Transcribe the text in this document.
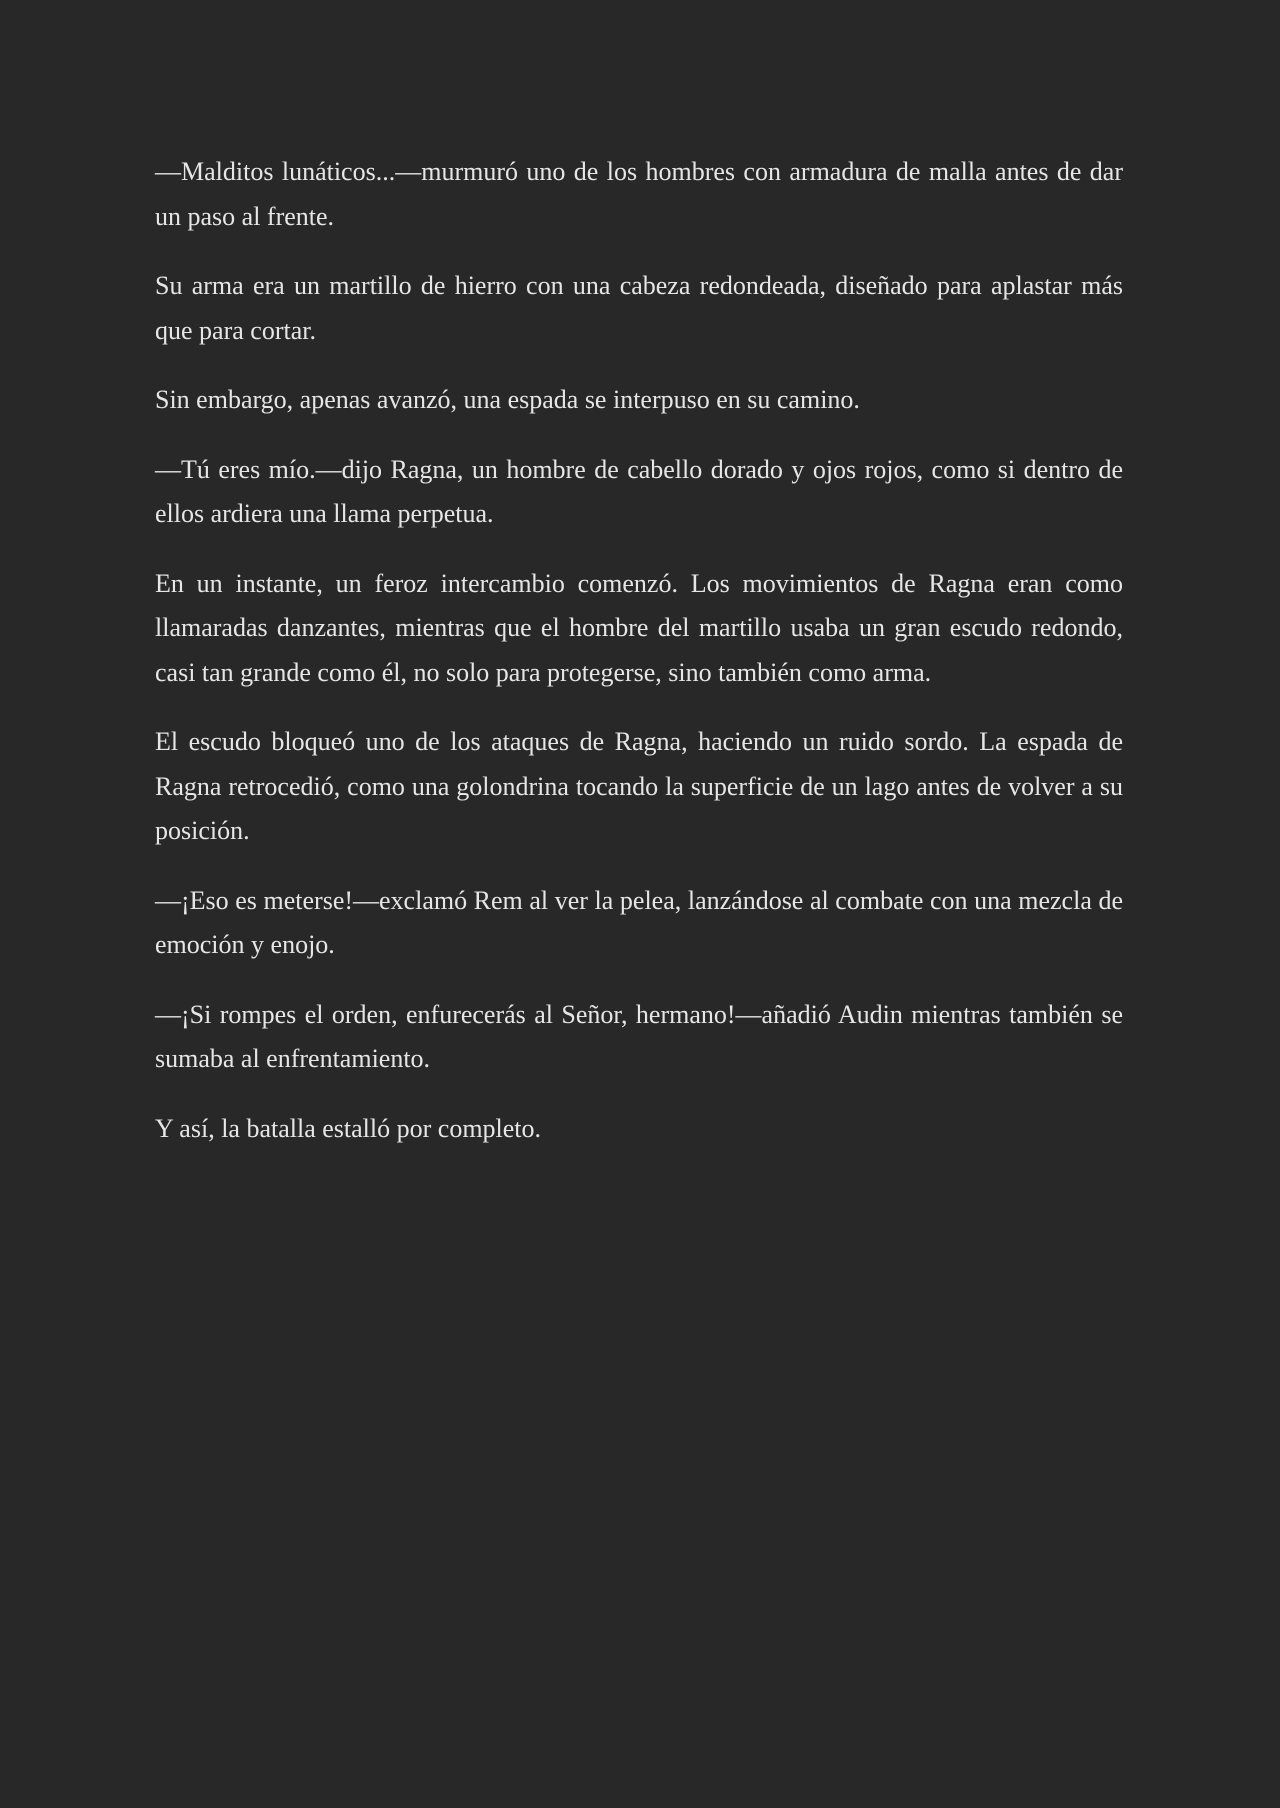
—Malditos lunáticos...—murmuró uno de los hombres con armadura de malla antes de dar un paso al frente.

Su arma era un martillo de hierro con una cabeza redondeada, diseñado para aplastar más que para cortar.

Sin embargo, apenas avanzó, una espada se interpuso en su camino.

—Tú eres mío.—dijo Ragna, un hombre de cabello dorado y ojos rojos, como si dentro de ellos ardiera una llama perpetua.

En un instante, un feroz intercambio comenzó. Los movimientos de Ragna eran como llamaradas danzantes, mientras que el hombre del martillo usaba un gran escudo redondo, casi tan grande como él, no solo para protegerse, sino también como arma.

El escudo bloqueó uno de los ataques de Ragna, haciendo un ruido sordo. La espada de Ragna retrocedió, como una golondrina tocando la superficie de un lago antes de volver a su posición.

—¡Eso es meterse!—exclamó Rem al ver la pelea, lanzándose al combate con una mezcla de emoción y enojo.

—¡Si rompes el orden, enfurecerás al Señor, hermano!—añadió Audin mientras también se sumaba al enfrentamiento.

Y así, la batalla estalló por completo.
